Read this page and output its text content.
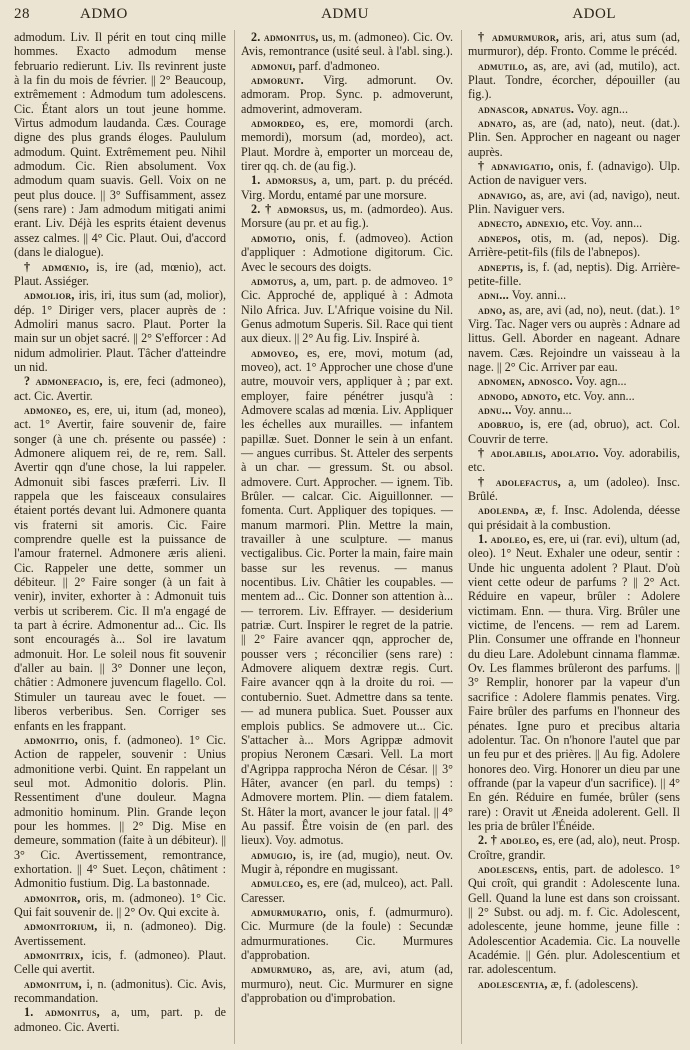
28	ADMO	ADMU	ADOL

admodum. Liv. Il périt en tout cinq mille hommes. Exacto admodum mense februario redierunt. Liv. Ils revinrent juste à la fin du mois de février. || 2° Beaucoup, extrêmement : Admodum tum adolescens. Cic. Étant alors un tout jeune homme. Virtus admodum laudanda. Cæs. Courage digne des plus grands éloges. Paululum admodum. Quint. Extrêmement peu. Nihil admodum. Cic. Rien absolument. Vox admodum quam suavis. Gell. Voix on ne peut plus douce. || 3° Suffisamment, assez (sens rare) : Jam admodum mitigati animi erant. Liv. Déjà les esprits étaient devenus assez calmes. || 4° Cic. Plaut. Oui, d'accord (dans le dialogue).

† admœnio, is, ire (ad, mœnio), act. Plaut. Assiéger.

admolior, iris, iri, itus sum (ad, molior), dép. 1° Diriger vers, placer auprès de : Admoliri manus sacro. Plaut. Porter la main sur un objet sacré. || 2° S'efforcer : Ad nidum admolirier. Plaut. Tâcher d'atteindre un nid.

? admonefacio, is, ere, feci (admoneo), act. Cic. Avertir.

admoneo, es, ere, ui, itum (ad, moneo), act. 1° Avertir, faire souvenir de, faire songer (à une ch. présente ou passée) : Admonere aliquem rei, de re, rem. Sall. Avertir qqn d'une chose, la lui rappeler. Admonuit sibi fasces præferri. Liv. Il rappela que les faisceaux consulaires étaient portés devant lui. Admonere quanta vis fraterni sit amoris. Cic. Faire comprendre quelle est la puissance de l'amour fraternel. Admonere æris alieni. Cic. Rappeler une dette, sommer un débiteur. || 2° Faire songer (à un fait à venir), inviter, exhorter à : Admonuit tuis verbis ut scriberem. Cic. Il m'a engagé de ta part à écrire. Admonentur ad... Cic. Ils sont encouragés à... Sol ire lavatum admonuit. Hor. Le soleil nous fit souvenir d'aller au bain. || 3° Donner une leçon, châtier : Admonere juvencum flagello. Col. Stimuler un taureau avec le fouet. — liberos verberibus. Sen. Corriger ses enfants en les frappant.

admonitio, onis, f. (admoneo). 1° Cic. Action de rappeler, souvenir : Unius admonitione verbi. Quint. En rappelant un seul mot. Admonitio doloris. Plin. Ressentiment d'une douleur. Magna admonitio hominum. Plin. Grande leçon pour les hommes. || 2° Dig. Mise en demeure, sommation (faite à un débiteur). || 3° Cic. Avertissement, remontrance, exhortation. || 4° Suet. Leçon, châtiment : Admonitio fustium. Dig. La bastonnade.

admonitor, oris, m. (admoneo). 1° Cic. Qui fait souvenir de. || 2° Ov. Qui excite à.

admonitorium, ii, n. (admoneo). Dig. Avertissement.

admonitrix, icis, f. (admoneo). Plaut. Celle qui avertit.

admonitum, i, n. (admonitus). Cic. Avis, recommandation.

1. admonitus, a, um, part. p. de admoneo. Cic. Averti.

2. admonitus, us, m. (admoneo). Cic. Ov. Avis, remontrance (usité seul. à l'abl. sing.).

admonui, parf. d'admoneo.

admorunt. Virg. admorunt. Ov. admoram. Prop. Sync. p. admoverunt, admoverint, admoveram.

admordeo, es, ere, momordi (arch. memordi), morsum (ad, mordeo), act. Plaut. Mordre à, emporter un morceau de, tirer qq. ch. de (au fig.).

1. admorsus, a, um, part. p. du précéd. Virg. Mordu, entamé par une morsure.

2. † admorsus, us, m. (admordeo). Aus. Morsure (au pr. et au fig.).

admotio, onis, f. (admoveo). Action d'appliquer : Admotione digitorum. Cic. Avec le secours des doigts.

admotus, a, um, part. p. de admoveo. 1° Cic. Approché de, appliqué à : Admota Nilo Africa. Juv. L'Afrique voisine du Nil. Genus admotum Superis. Sil. Race qui tient aux dieux. || 2° Au fig. Liv. Inspiré à.

admoveo, es, ere, movi, motum (ad, moveo), act. 1° Approcher une chose d'une autre, mouvoir vers, appliquer à ; par ext. employer, faire pénétrer jusqu'à : Admovere scalas ad mœnia. Liv. Appliquer les échelles aux murailles. — infantem papillæ. Suet. Donner le sein à un enfant. — angues curribus. St. Atteler des serpents à un char. — gressum. St. ou absol. admovere. Curt. Approcher. — ignem. Tib. Brûler. — calcar. Cic. Aiguillonner. — fomenta. Curt. Appliquer des topiques. — manum marmori. Plin. Mettre la main, travailler à une sculpture. — manus vectigalibus. Cic. Porter la main, faire main basse sur les revenus. — manus nocentibus. Liv. Châtier les coupables. — mentem ad... Cic. Donner son attention à... — terrorem. Liv. Effrayer. — desiderium patriæ. Curt. Inspirer le regret de la patrie. || 2° Faire avancer qqn, approcher de, pousser vers ; réconcilier (sens rare) : Admovere aliquem dextræ regis. Curt. Faire avancer qqn à la droite du roi. — contubernio. Suet. Admettre dans sa tente. — ad munera publica. Suet. Pousser aux emplois publics. Se admovere ut... Cic. S'attacher à... Mors Agrippæ admovit propius Neronem Cæsari. Vell. La mort d'Agrippa rapprocha Néron de César. || 3° Hâter, avancer (en parl. du temps) : Admovere mortem. Plin. — diem fatalem. St. Hâter la mort, avancer le jour fatal. || 4° Au passif. Être voisin de (en parl. des lieux). Voy. admotus.

admugio, is, ire (ad, mugio), neut. Ov. Mugir à, répondre en mugissant.

admulceo, es, ere (ad, mulceo), act. Pall. Caresser.

admurmuratio, onis, f. (admurmuro). Cic. Murmure (de la foule) : Secundæ admurmurationes. Cic. Murmures d'approbation.

admurmuro, as, are, avi, atum (ad, murmuro), neut. Cic. Murmurer en signe d'approbation ou d'improbation.

† admurmuror, aris, ari, atus sum (ad, murmuror), dép. Fronto. Comme le précéd.

admutilo, as, are, avi (ad, mutilo), act. Plaut. Tondre, écorcher, dépouiller (au fig.).

adnascor, adnatus. Voy. agn...

adnato, as, are (ad, nato), neut. (dat.). Plin. Sen. Approcher en nageant ou nager auprès.

† adnavigatio, onis, f. (adnavigo). Ulp. Action de naviguer vers.

adnavigo, as, are, avi (ad, navigo), neut. Plin. Naviguer vers.

adnecto, adnexio, etc. Voy. ann...

adnepos, otis, m. (ad, nepos). Dig. Arrière-petit-fils (fils de l'abnepos).

adneptis, is, f. (ad, neptis). Dig. Arrière-petite-fille.

adni... Voy. anni...

adno, as, are, avi (ad, no), neut. (dat.). 1° Virg. Tac. Nager vers ou auprès : Adnare ad littus. Gell. Aborder en nageant. Adnare navem. Cæs. Rejoindre un vaisseau à la nage. || 2° Cic. Arriver par eau.

adnomen, adnosco. Voy. agn...

adnodo, adnoto, etc. Voy. ann...

adnu... Voy. annu...

adobruo, is, ere (ad, obruo), act. Col. Couvrir de terre.

† adolabilis, adolatio. Voy. adorabilis, etc.

† adolefactus, a, um (adoleo). Insc. Brûlé.

adolenda, æ, f. Insc. Adolenda, déesse qui présidait à la combustion.

1. adoleo, es, ere, ui (rar. evi), ultum (ad, oleo). 1° Neut. Exhaler une odeur, sentir : Unde hic unguenta adolent ? Plaut. D'où vient cette odeur de parfums ? || 2° Act. Réduire en vapeur, brûler : Adolere victimam. Enn. — thura. Virg. Brûler une victime, de l'encens. — rem ad Larem. Plin. Consumer une offrande en l'honneur du dieu Lare. Adolebunt cinnama flammæ. Ov. Les flammes brûleront des parfums. || 3° Remplir, honorer par la vapeur d'un sacrifice : Adolere flammis penates. Virg. Faire brûler des parfums en l'honneur des pénates. Igne puro et precibus altaria adolentur. Tac. On n'honore l'autel que par un feu pur et des prières. || Au fig. Adolere honores deo. Virg. Honorer un dieu par une offrande (par la vapeur d'un sacrifice). || 4° En gén. Réduire en fumée, brûler (sens rare) : Oravit ut Æneida adolerent. Gell. Il les pria de brûler l'Énéide.

2. † adoleo, es, ere (ad, alo), neut. Prosp. Croître, grandir.

adolescens, entis, part. de adolesco. 1° Qui croît, qui grandit : Adolescente luna. Gell. Quand la lune est dans son croissant. || 2° Subst. ou adj. m. f. Cic. Adolescent, adolescente, jeune homme, jeune fille : Adolescentior Academia. Cic. La nouvelle Académie. || Gén. plur. Adolescentium et rar. adolescentum.

adolescentia, æ, f. (adolescens).
